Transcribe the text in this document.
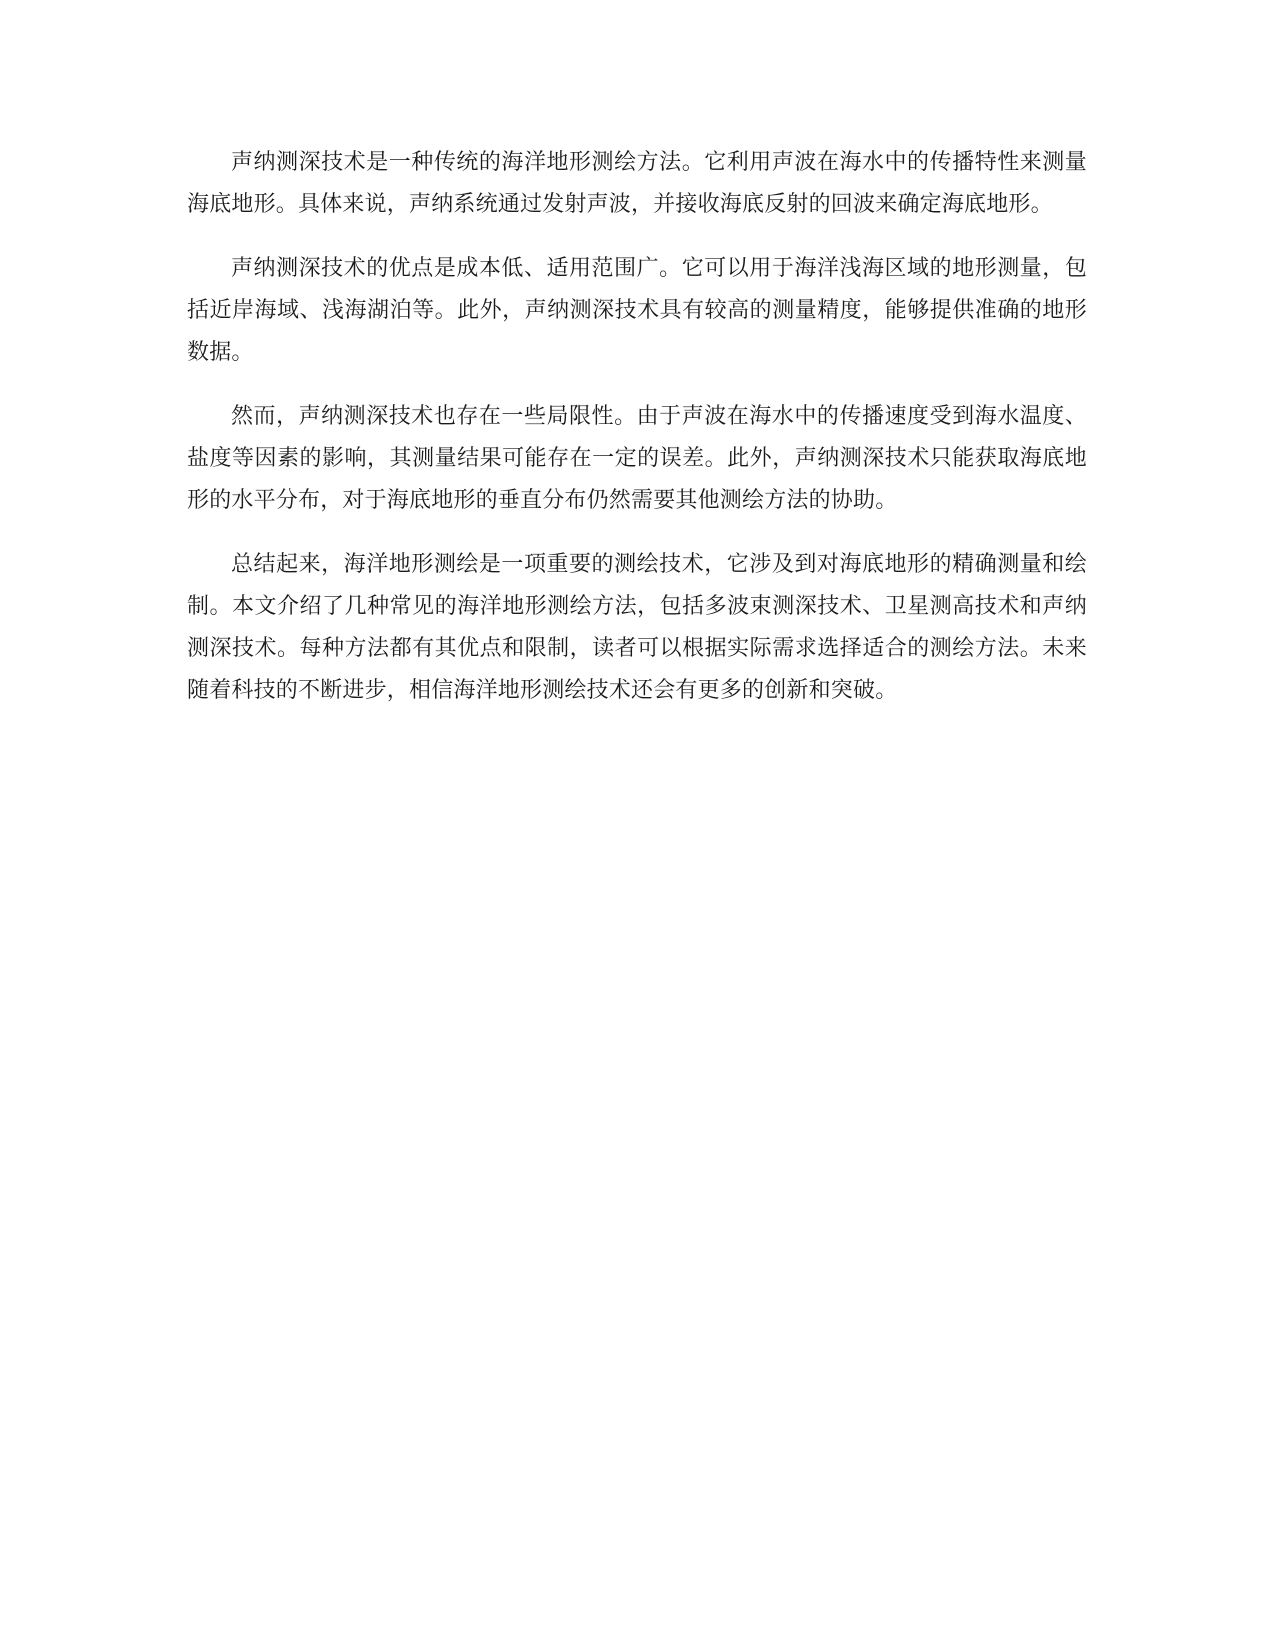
声纳测深技术是一种传统的海洋地形测绘方法。它利用声波在海水中的传播特性来测量海底地形。具体来说，声纳系统通过发射声波，并接收海底反射的回波来确定海底地形。

声纳测深技术的优点是成本低、适用范围广。它可以用于海洋浅海区域的地形测量，包括近岸海域、浅海湖泊等。此外，声纳测深技术具有较高的测量精度，能够提供准确的地形数据。

然而，声纳测深技术也存在一些局限性。由于声波在海水中的传播速度受到海水温度、盐度等因素的影响，其测量结果可能存在一定的误差。此外，声纳测深技术只能获取海底地形的水平分布，对于海底地形的垂直分布仍然需要其他测绘方法的协助。

总结起来，海洋地形测绘是一项重要的测绘技术，它涉及到对海底地形的精确测量和绘制。本文介绍了几种常见的海洋地形测绘方法，包括多波束测深技术、卫星测高技术和声纳测深技术。每种方法都有其优点和限制，读者可以根据实际需求选择适合的测绘方法。未来随着科技的不断进步，相信海洋地形测绘技术还会有更多的创新和突破。
